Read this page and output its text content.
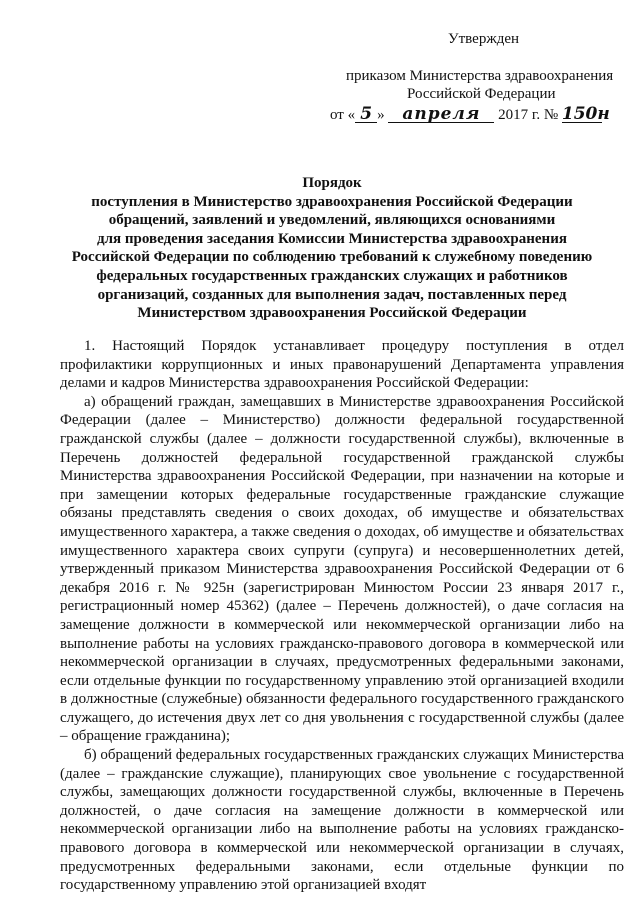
Утвержден
приказом Министерства здравоохранения
Российской Федерации
от « 5 » апреля 2017 г. № 150н
Порядок
поступления в Министерство здравоохранения Российской Федерации
обращений, заявлений и уведомлений, являющихся основаниями
для проведения заседания Комиссии Министерства здравоохранения
Российской Федерации по соблюдению требований к служебному поведению
федеральных государственных гражданских служащих и работников
организаций, созданных для выполнения задач, поставленных перед
Министерством здравоохранения Российской Федерации

1. Настоящий Порядок устанавливает процедуру поступления в отдел профилактики коррупционных и иных правонарушений Департамента управления делами и кадров Министерства здравоохранения Российской Федерации:

а) обращений граждан, замещавших в Министерстве здравоохранения Российской Федерации (далее – Министерство) должности федеральной государственной гражданской службы (далее – должности государственной службы), включенные в Перечень должностей федеральной государственной гражданской службы Министерства здравоохранения Российской Федерации, при назначении на которые и при замещении которых федеральные государственные гражданские служащие обязаны представлять сведения о своих доходах, об имуществе и обязательствах имущественного характера, а также сведения о доходах, об имуществе и обязательствах имущественного характера своих супруги (супруга) и несовершеннолетних детей, утвержденный приказом Министерства здравоохранения Российской Федерации от 6 декабря 2016 г. № 925н (зарегистрирован Минюстом России 23 января 2017 г., регистрационный номер 45362) (далее – Перечень должностей), о даче согласия на замещение должности в коммерческой или некоммерческой организации либо на выполнение работы на условиях гражданско-правового договора в коммерческой или некоммерческой организации в случаях, предусмотренных федеральными законами, если отдельные функции по государственному управлению этой организацией входили в должностные (служебные) обязанности федерального государственного гражданского служащего, до истечения двух лет со дня увольнения с государственной службы (далее – обращение гражданина);

б) обращений федеральных государственных гражданских служащих Министерства (далее – гражданские служащие), планирующих свое увольнение с государственной службы, замещающих должности государственной службы, включенные в Перечень должностей, о даче согласия на замещение должности в коммерческой или некоммерческой организации либо на выполнение работы на условиях гражданско-правового договора в коммерческой или некоммерческой организации в случаях, предусмотренных федеральными законами, если отдельные функции по государственному управлению этой организацией входят
